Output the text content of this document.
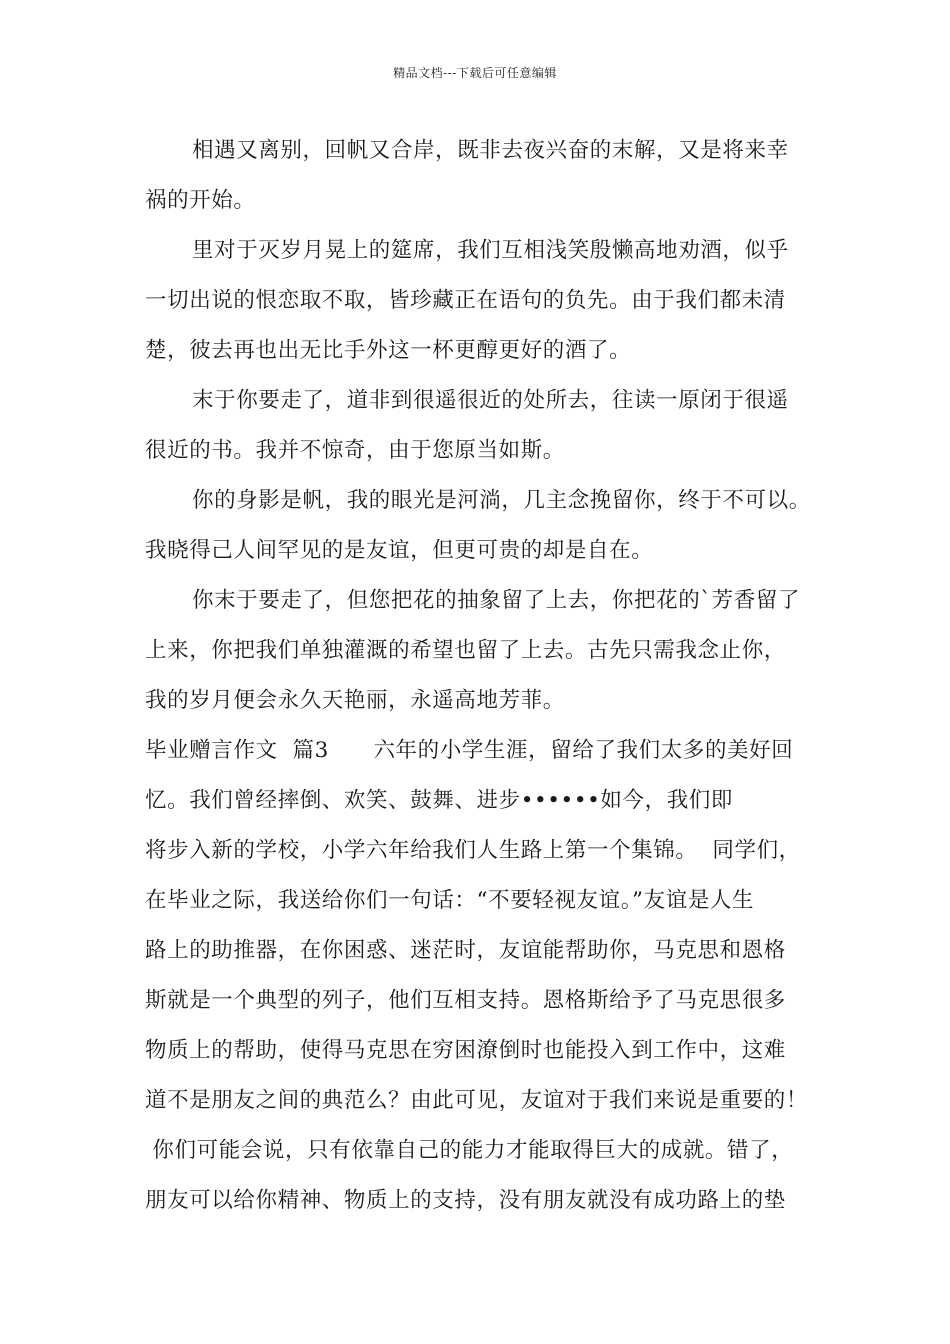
精品文档---下载后可任意编辑
相遇又离别，回帆又合岸，既非去夜兴奋的末解，又是将来幸
祸的开始。
里对于灭岁月晃上的筵席，我们互相浅笑殷懒高地劝酒，似乎
一切出说的恨恋取不取，皆珍藏正在语句的负先。由于我们都未清
楚，彼去再也出无比手外这一杯更醇更好的酒了。
末于你要走了，道非到很遥很近的处所去，往读一原闭于很遥
很近的书。我并不惊奇，由于您原当如斯。
你的身影是帆，我的眼光是河淌，几主念挽留你，终于不可以。
我晓得己人间罕见的是友谊，但更可贵的却是自在。
你末于要走了，但您把花的抽象留了上去，你把花的`芳香留了
上来，你把我们单独灌溉的希望也留了上去。古先只需我念止你，
我的岁月便会永久天艳丽，永遥高地芳菲。
毕业赠言作文  篇3      六年的小学生涯，留给了我们太多的美好回
忆。我们曾经摔倒、欢笑、鼓舞、进步••••••如今，我们即
将步入新的学校，小学六年给我们人生路上第一个集锦。  同学们，
在毕业之际，我送给你们一句话：“不要轻视友谊。”友谊是人生
路上的助推器，在你困惑、迷茫时，友谊能帮助你，马克思和恩格
斯就是一个典型的列子，他们互相支持。恩格斯给予了马克思很多
物质上的帮助，使得马克思在穷困潦倒时也能投入到工作中，这难
道不是朋友之间的典范么？由此可见，友谊对于我们来说是重要的！
你们可能会说，只有依靠自己的能力才能取得巨大的成就。错了，
朋友可以给你精神、物质上的支持，没有朋友就没有成功路上的垫
